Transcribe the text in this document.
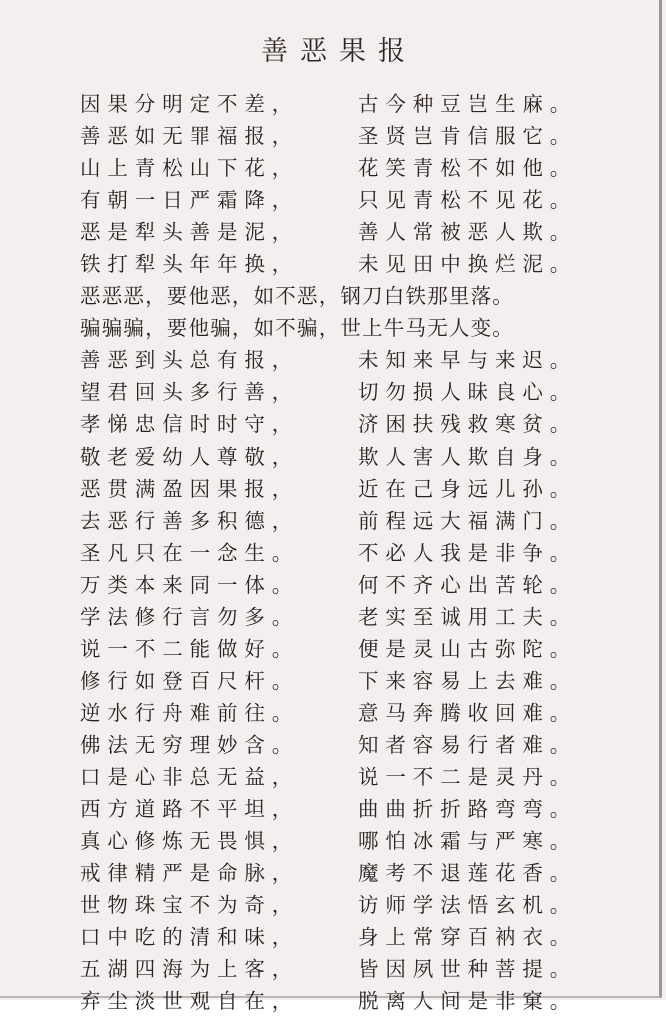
善恶果报
因果分明定不差，	古今种豆岂生麻。
善恶如无罪福报，	圣贤岂肯信服它。
山上青松山下花，	花笑青松不如他。
有朝一日严霜降，	只见青松不见花。
恶是犁头善是泥，	善人常被恶人欺。
铁打犁头年年换，	未见田中换烂泥。
恶恶恶，要他恶，如不恶，钢刀白铁那里落。
骗骗骗，要他骗，如不骗，世上牛马无人变。
善恶到头总有报，	未知来早与来迟。
望君回头多行善，	切勿损人昧良心。
孝悌忠信时时守，	济困扶残救寒贫。
敬老爱幼人尊敬，	欺人害人欺自身。
恶贯满盈因果报，	近在己身远儿孙。
去恶行善多积德，	前程远大福满门。
圣凡只在一念生。	不必人我是非争。
万类本来同一体。	何不齐心出苦轮。
学法修行言勿多。	老实至诚用工夫。
说一不二能做好。	便是灵山古弥陀。
修行如登百尺杆。	下来容易上去难。
逆水行舟难前往。	意马奔腾收回难。
佛法无穷理妙含。	知者容易行者难。
口是心非总无益，	说一不二是灵丹。
西方道路不平坦，	曲曲折折路弯弯。
真心修炼无畏惧，	哪怕冰霜与严寒。
戒律精严是命脉，	魔考不退莲花香。
世物珠宝不为奇，	访师学法悟玄机。
口中吃的清和味，	身上常穿百衲衣。
五湖四海为上客，	皆因夙世种菩提。
弃尘淡世观自在，	脱离人间是非窠。
